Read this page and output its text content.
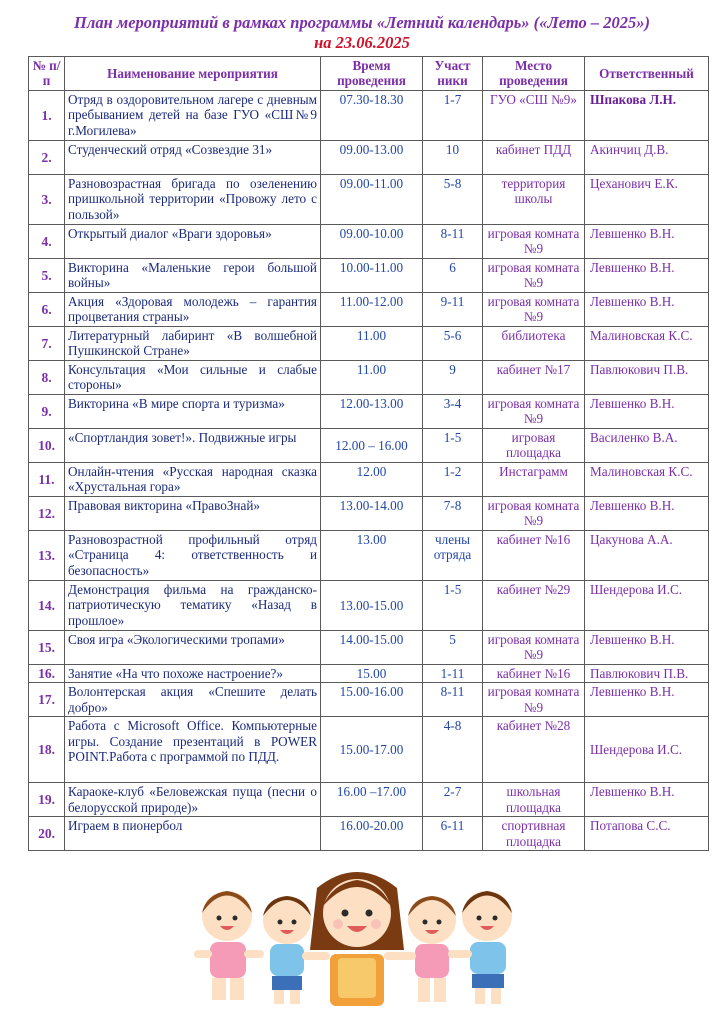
План мероприятий в рамках программы «Летний календарь» («Лето – 2025»)
на 23.06.2025
№ п/п	Наименование мероприятия	Время проведения	Участ ники	Место проведения	Ответственный
1.	Отряд в оздоровительном лагере с дневным пребыванием детей на базе ГУО «СШ№9 г.Могилева»	07.30-18.30	1-7	ГУО «СШ №9»	Шпакова Л.Н.
2.	Студенческий отряд «Созвездие 31»	09.00-13.00	10	кабинет ПДД	Акинчиц Д.В.
3.	Разновозрастная бригада по озеленению пришкольной территории «Провожу лето с пользой»	09.00-11.00	5-8	территория школы	Цеханович Е.К.
4.	Открытый диалог «Враги здоровья»	09.00-10.00	8-11	игровая комната №9	Левшенко В.Н.
5.	Викторина «Маленькие герои большой войны»	10.00-11.00	6	игровая комната №9	Левшенко В.Н.
6.	Акция «Здоровая молодежь – гарантия процветания страны»	11.00-12.00	9-11	игровая комната №9	Левшенко В.Н.
7.	Литературный лабиринт «В волшебной Пушкинской Стране»	11.00	5-6	библиотека	Малиновская К.С.
8.	Консультация «Мои сильные и слабые стороны»	11.00	9	кабинет №17	Павлюкович П.В.
9.	Викторина «В мире спорта и туризма»	12.00-13.00	3-4	игровая комната №9	Левшенко В.Н.
10.	«Спортландия зовет!». Подвижные игры	12.00 – 16.00	1-5	игровая площадка	Василенко В.А.
11.	Онлайн-чтения «Русская народная сказка «Хрустальная гора»	12.00	1-2	Инстаграмм	Малиновская К.С.
12.	Правовая викторина «ПравоЗнай»	13.00-14.00	7-8	игровая комната №9	Левшенко В.Н.
13.	Разновозрастной профильный отряд «Страница 4: ответственность и безопасность»	13.00	члены отряда	кабинет №16	Цакунова А.А.
14.	Демонстрация фильма на гражданско-патриотическую тематику «Назад в прошлое»	13.00-15.00	1-5	кабинет №29	Шендерова И.С.
15.	Своя игра «Экологическими тропами»	14.00-15.00	5	игровая комната №9	Левшенко В.Н.
16.	Занятие «На что похоже настроение?»	15.00	1-11	кабинет №16	Павлюкович П.В.
17.	Волонтерская акция «Спешите делать добро»	15.00-16.00	8-11	игровая комната №9	Левшенко В.Н.
18.	Работа с Microsoft Office. Компьютерные игры. Создание презентаций в POWER POINT.Работа с программой по ПДД.	15.00-17.00	4-8	кабинет №28	Шендерова И.С.
19.	Караоке-клуб «Беловежская пуща (песни о белорусской природе)»	16.00 –17.00	2-7	школьная площадка	Левшенко В.Н.
20.	Играем в пионербол	16.00-20.00	6-11	спортивная площадка	Потапова С.С.
